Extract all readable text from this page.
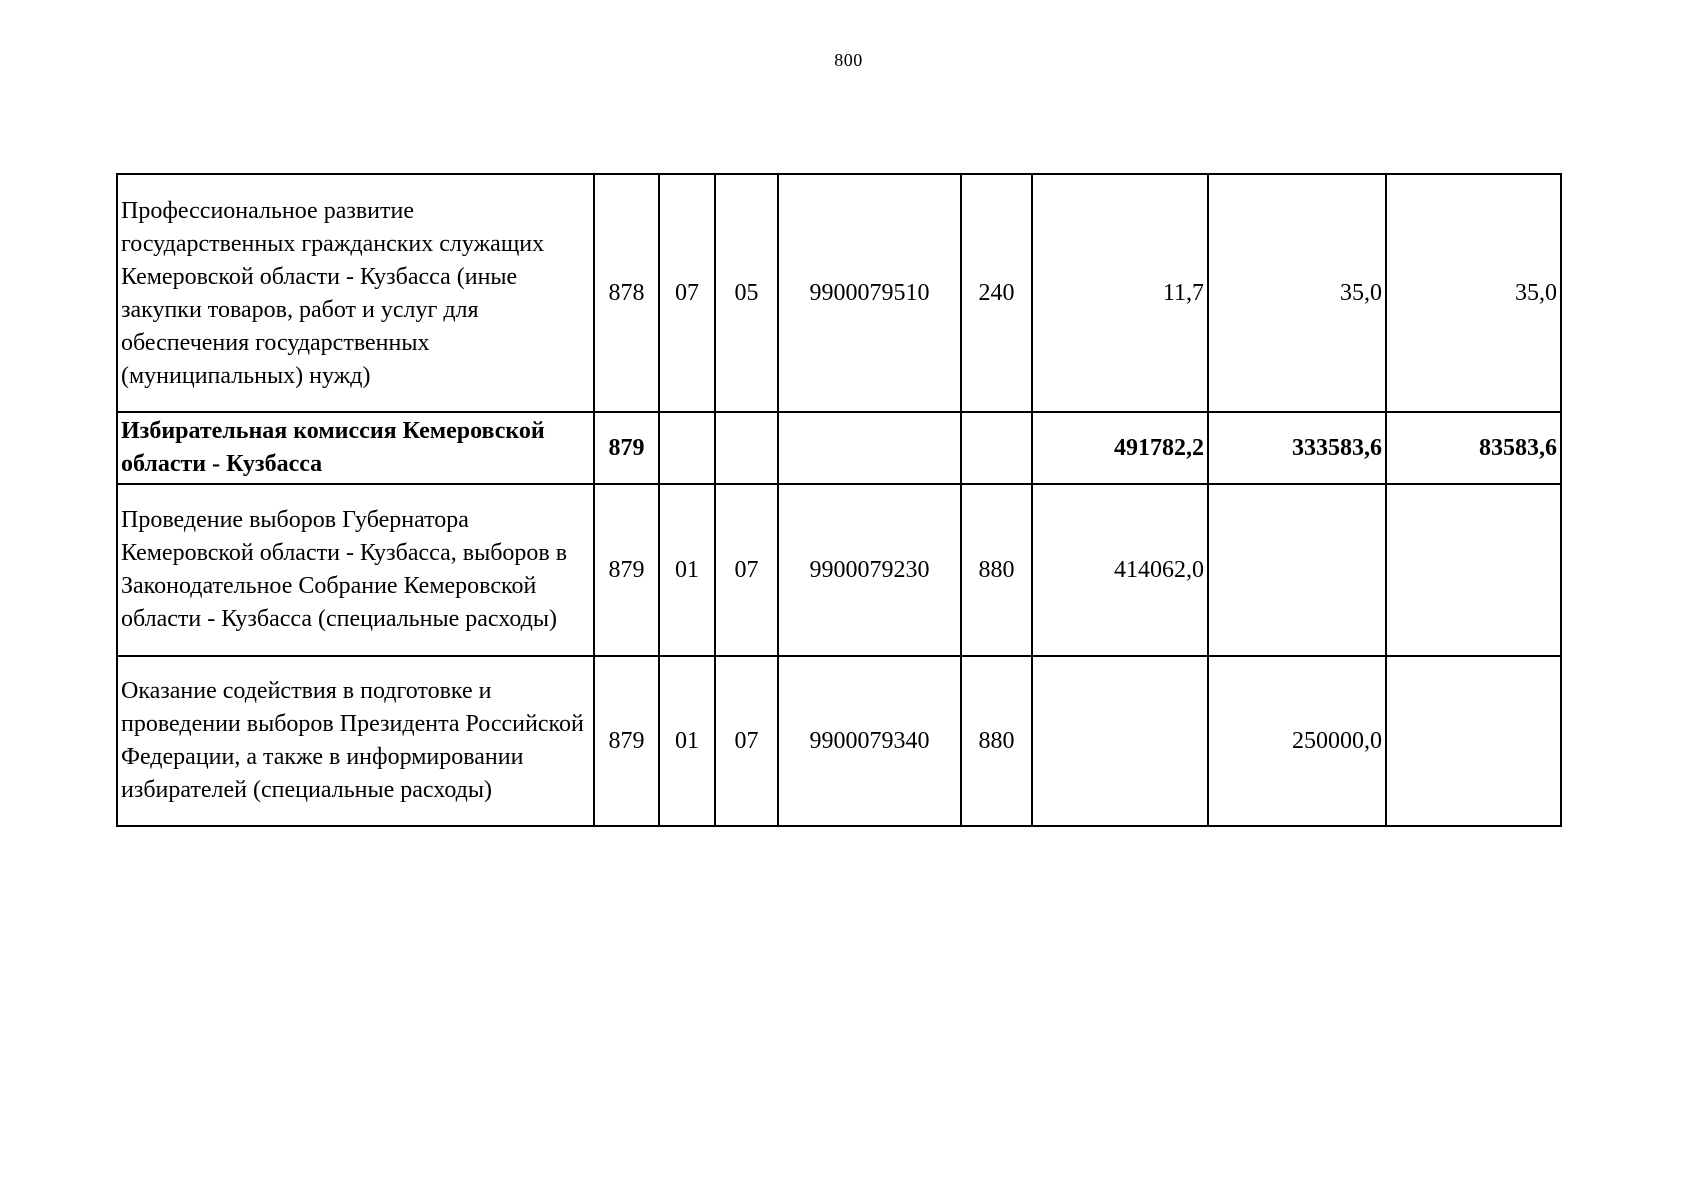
800
Профессиональное развитие государственных гражданских служащих Кемеровской области - Кузбасса (иные закупки товаров, работ и услуг для обеспечения государственных (муниципальных) нужд)	878	07	05	9900079510	240	11,7	35,0	35,0
Избирательная комиссия Кемеровской области - Кузбасса	879					491782,2	333583,6	83583,6
Проведение выборов Губернатора Кемеровской области - Кузбасса, выборов в Законодательное Собрание Кемеровской области - Кузбасса (специальные расходы)	879	01	07	9900079230	880	414062,0		
Оказание содействия в подготовке и проведении выборов Президента Российской Федерации, а также в информировании избирателей (специальные расходы)	879	01	07	9900079340	880		250000,0	
